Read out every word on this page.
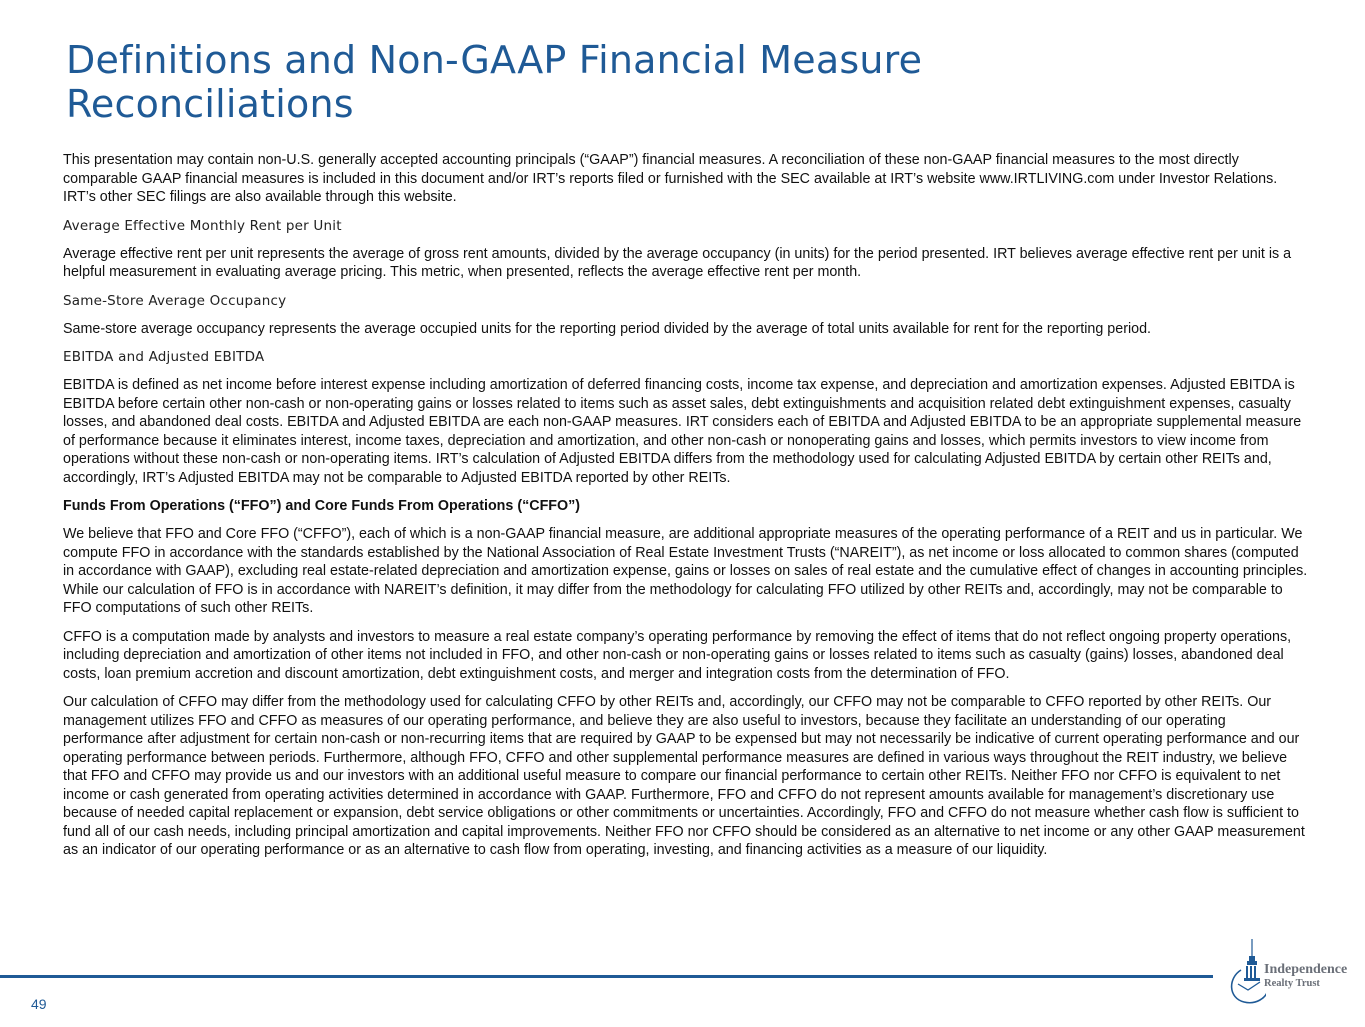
Definitions and Non-GAAP Financial Measure Reconciliations

This presentation may contain non-U.S. generally accepted accounting principals (“GAAP”) financial measures. A reconciliation of these non-GAAP financial measures to the most directly comparable GAAP financial measures is included in this document and/or IRT’s reports filed or furnished with the SEC available at IRT’s website www.IRTLIVING.com under Investor Relations. IRT’s other SEC filings are also available through this website.

Average Effective Monthly Rent per Unit

Average effective rent per unit represents the average of gross rent amounts, divided by the average occupancy (in units) for the period presented. IRT believes average effective rent per unit is a helpful measurement in evaluating average pricing. This metric, when presented, reflects the average effective rent per month.

Same-Store Average Occupancy

Same-store average occupancy represents the average occupied units for the reporting period divided by the average of total units available for rent for the reporting period.

EBITDA and Adjusted EBITDA

EBITDA is defined as net income before interest expense including amortization of deferred financing costs, income tax expense, and depreciation and amortization expenses. Adjusted EBITDA is EBITDA before certain other non-cash or non-operating gains or losses related to items such as asset sales, debt extinguishments and acquisition related debt extinguishment expenses, casualty losses, and abandoned deal costs. EBITDA and Adjusted EBITDA are each non-GAAP measures. IRT considers each of EBITDA and Adjusted EBITDA to be an appropriate supplemental measure of performance because it eliminates interest, income taxes, depreciation and amortization, and other non-cash or nonoperating gains and losses, which permits investors to view income from operations without these non-cash or non-operating items. IRT’s calculation of Adjusted EBITDA differs from the methodology used for calculating Adjusted EBITDA by certain other REITs and, accordingly, IRT’s Adjusted EBITDA may not be comparable to Adjusted EBITDA reported by other REITs.

Funds From Operations (“FFO”) and Core Funds From Operations (“CFFO”)

We believe that FFO and Core FFO (“CFFO”), each of which is a non-GAAP financial measure, are additional appropriate measures of the operating performance of a REIT and us in particular. We compute FFO in accordance with the standards established by the National Association of Real Estate Investment Trusts (“NAREIT”), as net income or loss allocated to common shares (computed in accordance with GAAP), excluding real estate-related depreciation and amortization expense, gains or losses on sales of real estate and the cumulative effect of changes in accounting principles. While our calculation of FFO is in accordance with NAREIT’s definition, it may differ from the methodology for calculating FFO utilized by other REITs and, accordingly, may not be comparable to FFO computations of such other REITs.

CFFO is a computation made by analysts and investors to measure a real estate company’s operating performance by removing the effect of items that do not reflect ongoing property operations, including depreciation and amortization of other items not included in FFO, and other non-cash or non-operating gains or losses related to items such as casualty (gains) losses, abandoned deal costs, loan premium accretion and discount amortization, debt extinguishment costs, and merger and integration costs from the determination of FFO.

Our calculation of CFFO may differ from the methodology used for calculating CFFO by other REITs and, accordingly, our CFFO may not be comparable to CFFO reported by other REITs. Our management utilizes FFO and CFFO as measures of our operating performance, and believe they are also useful to investors, because they facilitate an understanding of our operating performance after adjustment for certain non-cash or non-recurring items that are required by GAAP to be expensed but may not necessarily be indicative of current operating performance and our operating performance between periods. Furthermore, although FFO, CFFO and other supplemental performance measures are defined in various ways throughout the REIT industry, we believe that FFO and CFFO may provide us and our investors with an additional useful measure to compare our financial performance to certain other REITs. Neither FFO nor CFFO is equivalent to net income or cash generated from operating activities determined in accordance with GAAP. Furthermore, FFO and CFFO do not represent amounts available for management’s discretionary use because of needed capital replacement or expansion, debt service obligations or other commitments or uncertainties. Accordingly, FFO and CFFO do not measure whether cash flow is sufficient to fund all of our cash needs, including principal amortization and capital improvements. Neither FFO nor CFFO should be considered as an alternative to net income or any other GAAP measurement as an indicator of our operating performance or as an alternative to cash flow from operating, investing, and financing activities as a measure of our liquidity.

49
Independence
Realty Trust
